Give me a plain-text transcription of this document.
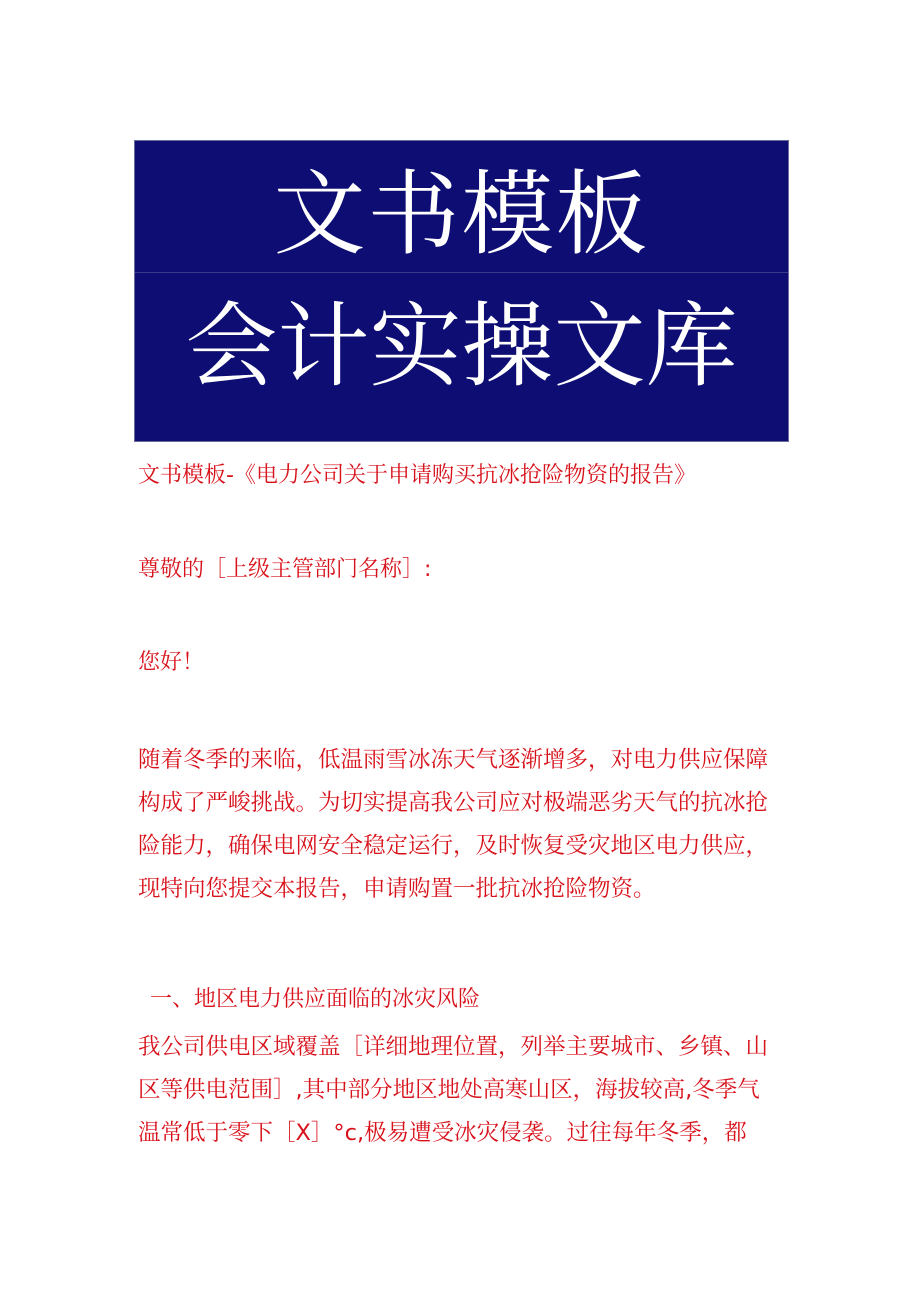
文书模板
会计实操文库
文书模板-《电力公司关于申请购买抗冰抢险物资的报告》
尊敬的［上级主管部门名称］:
您好！
随着冬季的来临，低温雨雪冰冻天气逐渐增多，对电力供应保障
构成了严峻挑战。为切实提高我公司应对极端恶劣天气的抗冰抢
险能力，确保电网安全稳定运行，及时恢复受灾地区电力供应，
现特向您提交本报告，申请购置一批抗冰抢险物资。
一、地区电力供应面临的冰灾风险
我公司供电区域覆盖［详细地理位置，列举主要城市、乡镇、山
区等供电范围］,其中部分地区地处高寒山区，海拔较高,冬季气
温常低于零下［X］°c,极易遭受冰灾侵袭。过往每年冬季，都
